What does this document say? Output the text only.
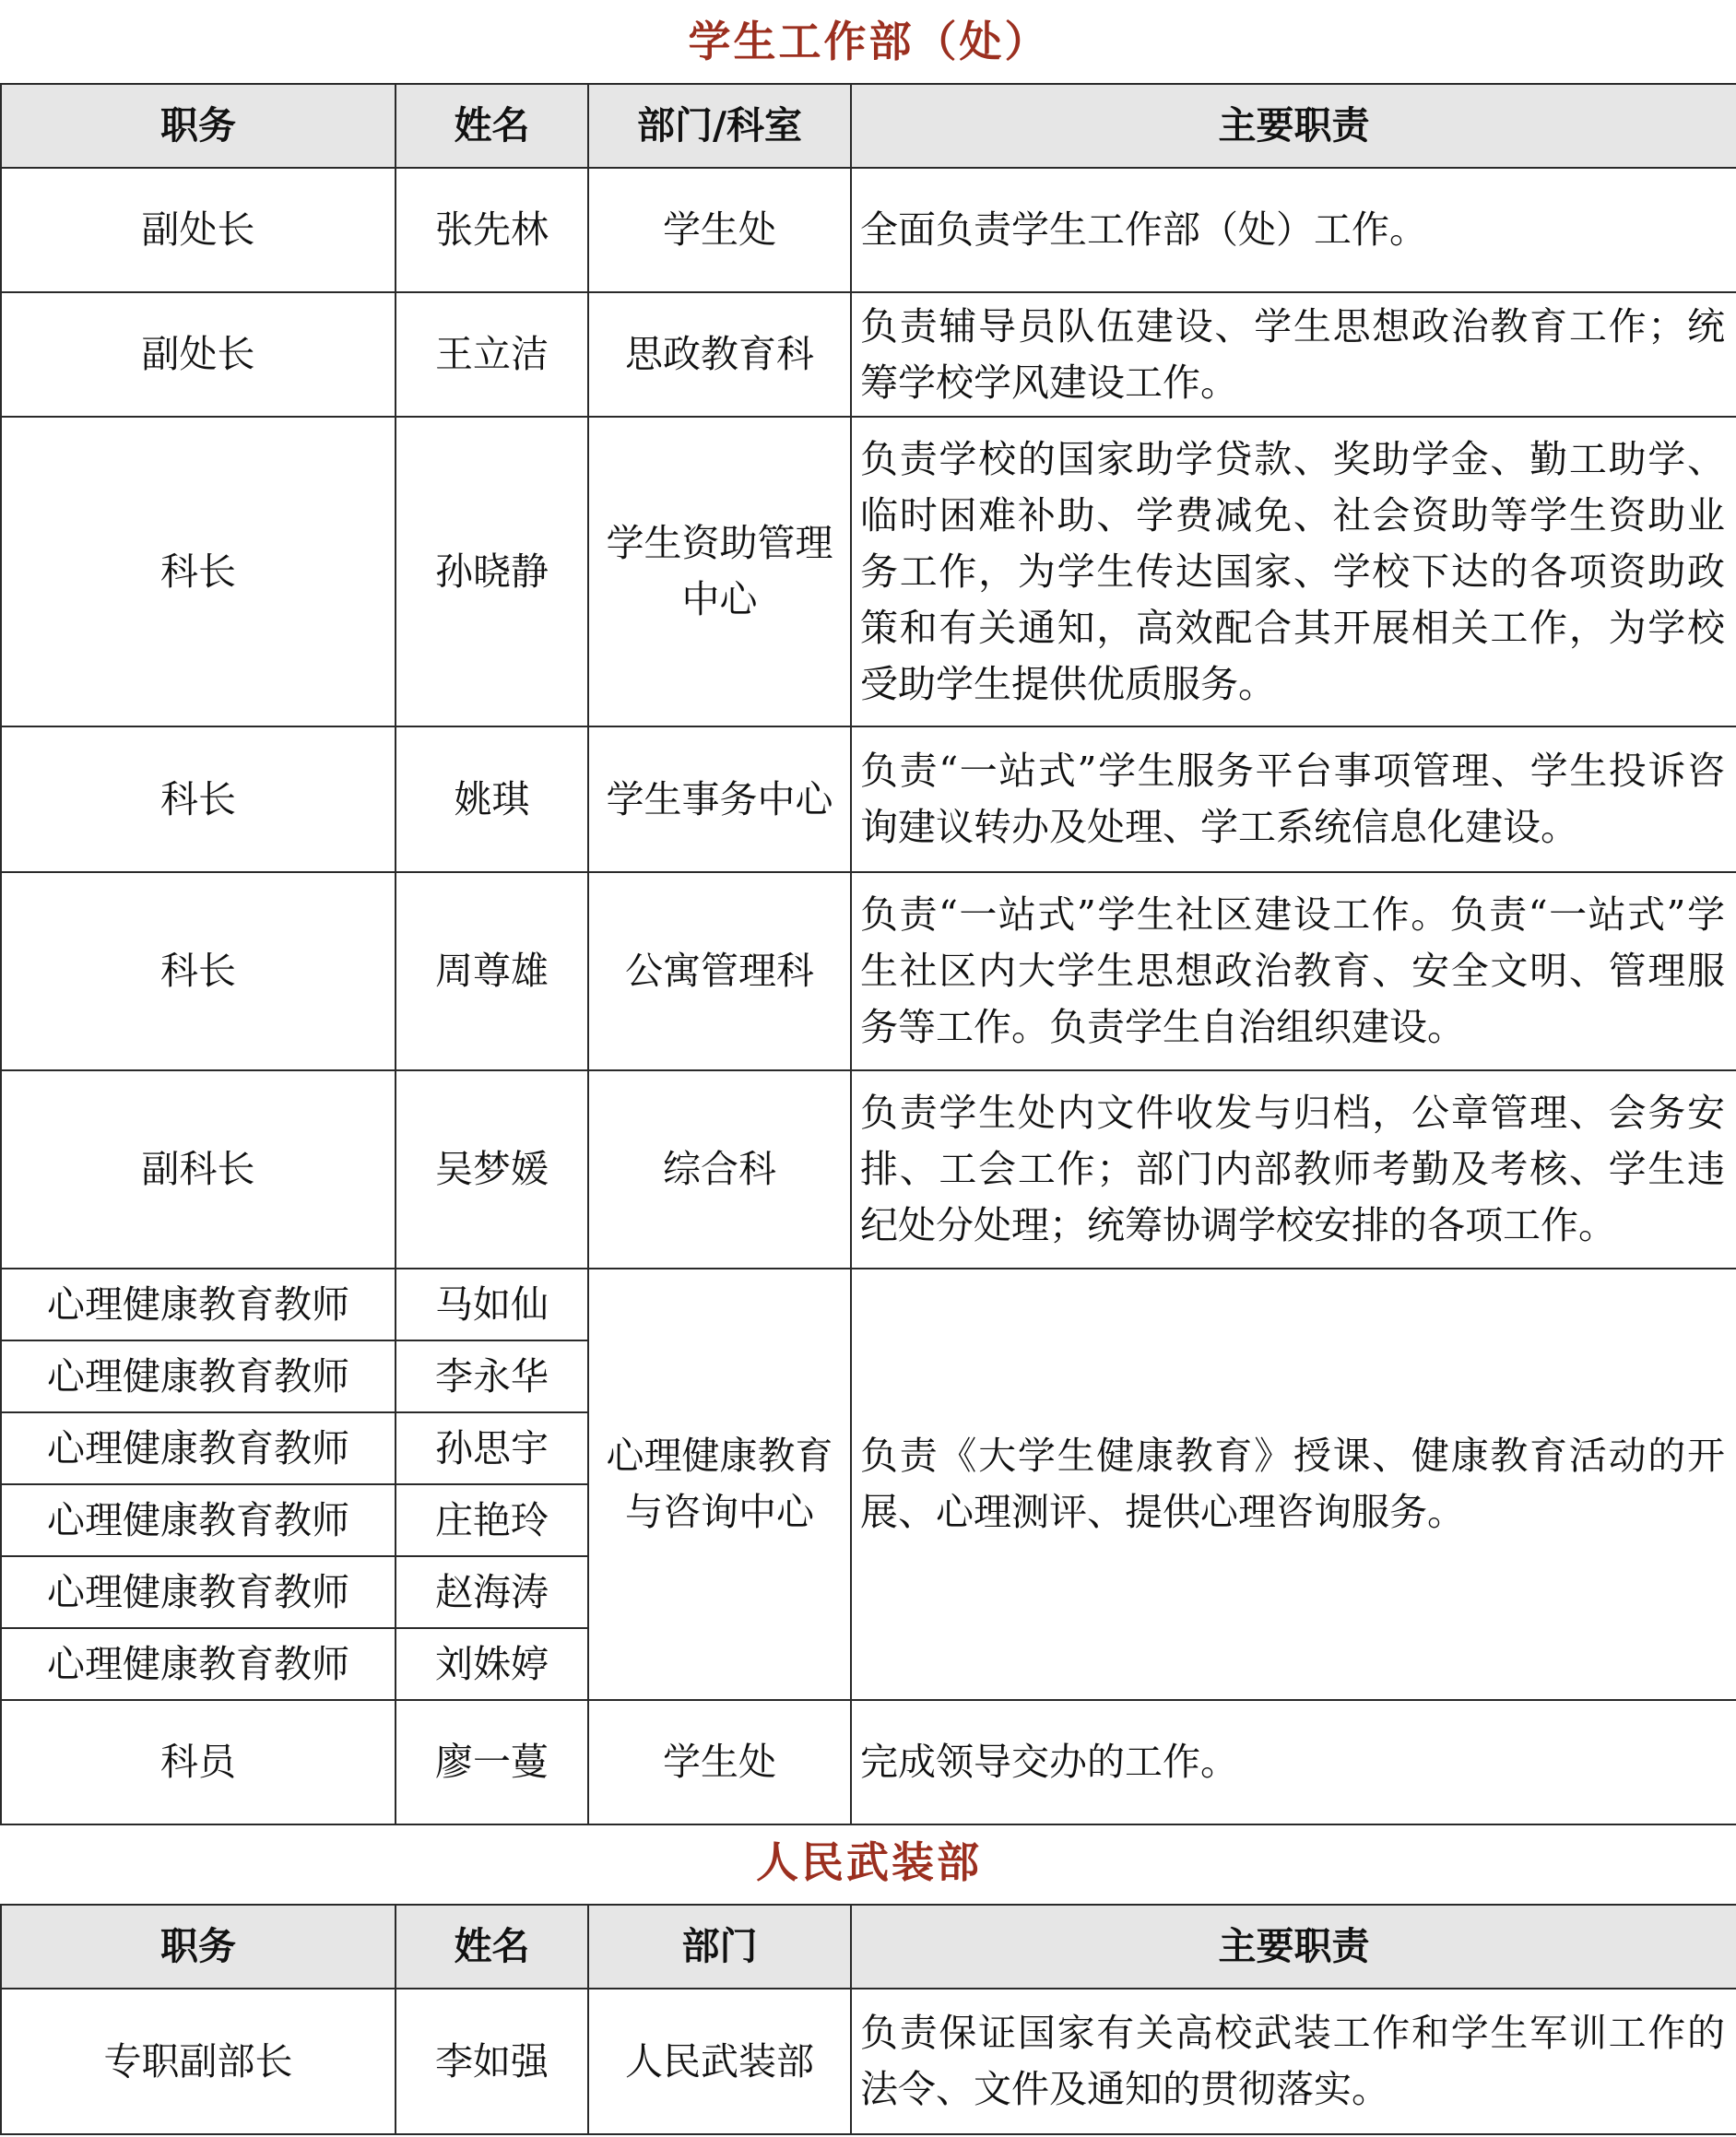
学生工作部（处）			
职务	姓名	部门/科室	主要职责
副处长	张先林	学生处	全面负责学生工作部（处）工作。
副处长	王立洁	思政教育科	负责辅导员队伍建设、学生思想政治教育工作；统筹学校学风建设工作。
科长	孙晓静	学生资助管理中心	负责学校的国家助学贷款、奖助学金、勤工助学、临时困难补助、学费减免、社会资助等学生资助业务工作，为学生传达国家、学校下达的各项资助政策和有关通知，高效配合其开展相关工作，为学校受助学生提供优质服务。
科长	姚琪	学生事务中心	负责“一站式”学生服务平台事项管理、学生投诉咨询建议转办及处理、学工系统信息化建设。
科长	周尊雄	公寓管理科	负责“一站式”学生社区建设工作。负责“一站式”学生社区内大学生思想政治教育、安全文明、管理服务等工作。负责学生自治组织建设。
副科长	吴梦媛	综合科	负责学生处内文件收发与归档，公章管理、会务安排、工会工作；部门内部教师考勤及考核、学生违纪处分处理；统筹协调学校安排的各项工作。
心理健康教育教师	马如仙	心理健康教育与咨询中心	负责《大学生健康教育》授课、健康教育活动的开展、心理测评、提供心理咨询服务。
心理健康教育教师	李永华		
心理健康教育教师	孙思宇		
心理健康教育教师	庄艳玲		
心理健康教育教师	赵海涛		
心理健康教育教师	刘姝婷		
科员	廖一蔓	学生处	完成领导交办的工作。
人民武装部			
职务	姓名	部门	主要职责
专职副部长	李如强	人民武装部	负责保证国家有关高校武装工作和学生军训工作的法令、文件及通知的贯彻落实。
